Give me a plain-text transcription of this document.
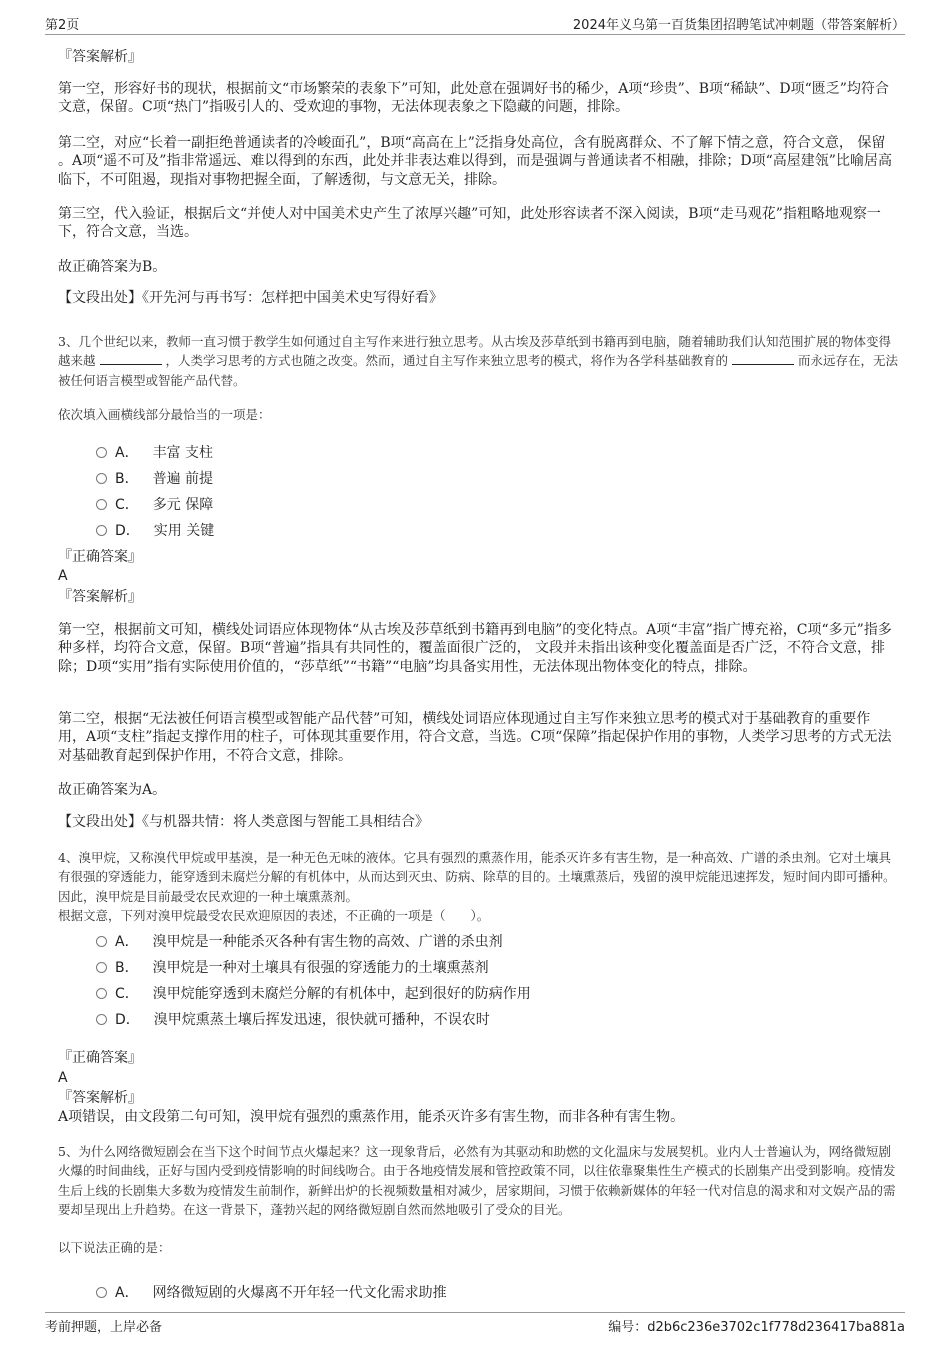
第2页	2024年义乌第一百货集团招聘笔试冲刺题（带答案解析）
『答案解析』
第一空，形容好书的现状，根据前文“市场繁荣的表象下”可知，此处意在强调好书的稀少，A项“珍贵”、B项“稀缺”、D项“匮乏”均符合文意，保留。C项“热门”指吸引人的、受欢迎的事物，无法体现表象之下隐藏的问题，排除。
第二空，对应“长着一副拒绝普通读者的冷峻面孔”，B项“高高在上”泛指身处高位，含有脱离群众、不了解下情之意，符合文意， 保留 。A项“遥不可及”指非常遥远、难以得到的东西，此处并非表达难以得到，而是强调与普通读者不相融，排除；D项“高屋建瓴”比喻居高临下，不可阻遏，现指对事物把握全面，了解透彻，与文意无关，排除。
第三空，代入验证，根据后文“并使人对中国美术史产生了浓厚兴趣”可知，此处形容读者不深入阅读，B项“走马观花”指粗略地观察一下，符合文意，当选。
故正确答案为B。
【文段出处】《开先河与再书写：怎样把中国美术史写得好看》
3、几个世纪以来，教师一直习惯于教学生如何通过自主写作来进行独立思考。从古埃及莎草纸到书籍再到电脑，随着辅助我们认知范围扩展的物体变得越来越	，人类学习思考的方式也随之改变。然而，通过自主写作来独立思考的模式，将作为各学科基础教育的	而永远存在，无法被任何语言模型或智能产品代替。
依次填入画横线部分最恰当的一项是：
A． 丰富 支柱
B． 普遍 前提
C． 多元 保障
D． 实用 关键
『正确答案』
A
『答案解析』
第一空，根据前文可知，横线处词语应体现物体“从古埃及莎草纸到书籍再到电脑”的变化特点。A项“丰富”指广博充裕，C项“多元”指多种多样，均符合文意，保留。B项“普遍”指具有共同性的，覆盖面很广泛的， 文段并未指出该种变化覆盖面是否广泛，不符合文意，排除；D项“实用”指有实际使用价值的，“莎草纸”“书籍”“电脑”均具备实用性，无法体现出物体变化的特点，排除。
第二空，根据“无法被任何语言模型或智能产品代替”可知，横线处词语应体现通过自主写作来独立思考的模式对于基础教育的重要作用，A项“支柱”指起支撑作用的柱子，可体现其重要作用，符合文意，当选。C项“保障”指起保护作用的事物，人类学习思考的方式无法对基础教育起到保护作用，不符合文意，排除。
故正确答案为A。
【文段出处】《与机器共情：将人类意图与智能工具相结合》
4、溴甲烷，又称溴代甲烷或甲基溴，是一种无色无味的液体。它具有强烈的熏蒸作用，能杀灭许多有害生物，是一种高效、广谱的杀虫剂。它对土壤具有很强的穿透能力，能穿透到未腐烂分解的有机体中，从而达到灭虫、防病、除草的目的。土壤熏蒸后，残留的溴甲烷能迅速挥发，短时间内即可播种。因此，溴甲烷是目前最受农民欢迎的一种土壤熏蒸剂。
根据文意，下列对溴甲烷最受农民欢迎原因的表述，不正确的一项是（　　）。
A． 溴甲烷是一种能杀灭各种有害生物的高效、广谱的杀虫剂
B． 溴甲烷是一种对土壤具有很强的穿透能力的土壤熏蒸剂
C． 溴甲烷能穿透到未腐烂分解的有机体中，起到很好的防病作用
D． 溴甲烷熏蒸土壤后挥发迅速，很快就可播种，不误农时
『正确答案』
A
『答案解析』
A项错误，由文段第二句可知，溴甲烷有强烈的熏蒸作用，能杀灭许多有害生物，而非各种有害生物。
5、为什么网络微短剧会在当下这个时间节点火爆起来？这一现象背后，必然有为其驱动和助燃的文化温床与发展契机。业内人士普遍认为，网络微短剧火爆的时间曲线，正好与国内受到疫情影响的时间线吻合。由于各地疫情发展和管控政策不同，以往依靠聚集性生产模式的长剧集产出受到影响。疫情发生后上线的长剧集大多数为疫情发生前制作，新鲜出炉的长视频数量相对减少，居家期间，习惯于依赖新媒体的年轻一代对信息的渴求和对文娱产品的需要却呈现出上升趋势。在这一背景下，蓬勃兴起的网络微短剧自然而然地吸引了受众的目光。
以下说法正确的是：
A． 网络微短剧的火爆离不开年轻一代文化需求助推
考前押题，上岸必备	编号：d2b6c236e3702c1f778d236417ba881a
